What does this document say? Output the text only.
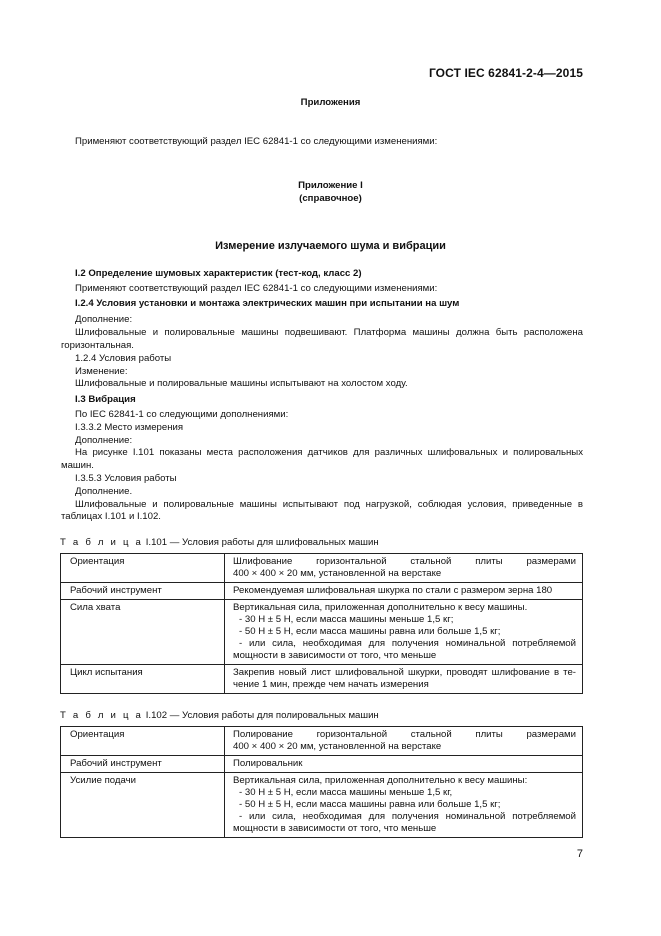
ГОСТ IEC 62841-2-4—2015
Приложения
Применяют соответствующий раздел IEC 62841-1 со следующими изменениями:
Приложение I
(справочное)
Измерение излучаемого шума и вибрации

I.2 Определение шумовых характеристик (тест-код, класс 2)

Применяют соответствующий раздел IEC 62841-1 со следующими изменениями:

I.2.4 Условия установки и монтажа электрических машин при испытании на шум

Дополнение:

Шлифовальные и полировальные машины подвешивают. Платформа машины должна быть расположена

горизонтальная.

1.2.4 Условия работы

Изменение:

Шлифовальные и полировальные машины испытывают на холостом ходу.

I.3 Вибрация

По IEC 62841-1 со следующими дополнениями:

I.3.3.2 Место измерения

Дополнение:

На рисунке I.101 показаны места расположения датчиков для различных шлифовальных и полировальных

машин.

I.3.5.3 Условия работы

Дополнение.

Шлифовальные и полировальные машины испытывают под нагрузкой, соблюдая условия, приведенные в

таблицах I.101 и I.102.

Т а б л и ц а I.101 — Условия работы для шлифовальных машин
Ориентация	Шлифование горизонтальной стальной плиты размерами
400 × 400 × 20 мм, установленной на верстаке

Рабочий инструмент	Рекомендуемая шлифовальная шкурка по стали с размером зерна 180

Сила хвата	Вертикальная сила, приложенная дополнительно к весу машины.
- 30 Н ± 5 Н, если масса машины меньше 1,5 кг;
- 50 Н ± 5 Н, если масса машины равна или больше 1,5 кг;
- или сила, необходимая для получения номинальной потребляемой
мощности в зависимости от того, что меньше

Цикл испытания	Закрепив новый лист шлифовальной шкурки, проводят шлифование в те-
чение 1 мин, прежде чем начать измерения
Т а б л и ц а I.102 — Условия работы для полировальных машин
Ориентация	Полирование горизонтальной стальной плиты размерами
400 × 400 × 20 мм, установленной на верстаке

Рабочий инструмент	Полировальник

Усилие подачи	Вертикальная сила, приложенная дополнительно к весу машины:
- 30 Н ± 5 Н, если масса машины меньше 1,5 кг,
- 50 Н ± 5 Н, если масса машины равна или больше 1,5 кг;
- или сила, необходимая для получения номинальной потребляемой
мощности в зависимости от того, что меньше
7
